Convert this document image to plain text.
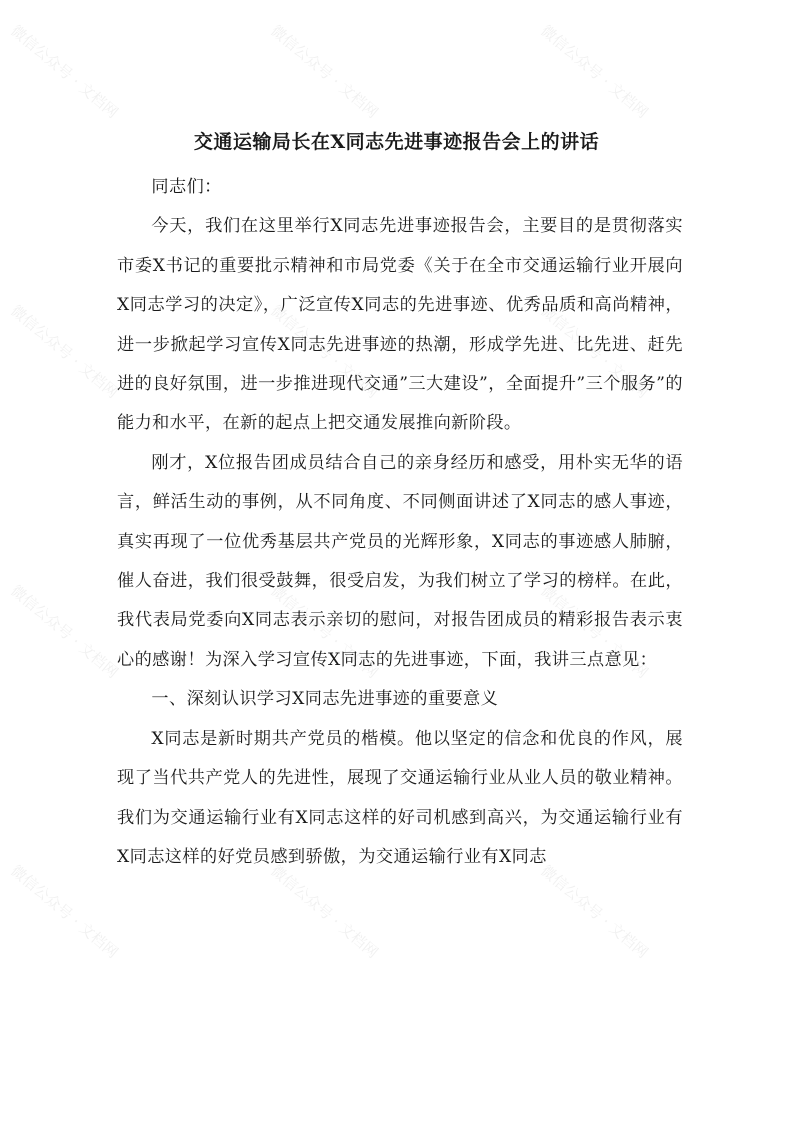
微信公众号 · 文档网	微信公众号 · 文档网	微信公众号 · 文档网
微信公众号 · 文档网	微信公众号 · 文档网	微信公众号 · 文档网
微信公众号 · 文档网	微信公众号 · 文档网	微信公众号 · 文档网
微信公众号 · 文档网	微信公众号 · 文档网	微信公众号 · 文档网
交通运输局长在X同志先进事迹报告会上的讲话

同志们：

今天，我们在这里举行X同志先进事迹报告会，主要目的是贯彻落实市委X书记的重要批示精神和市局党委《关于在全市交通运输行业开展向X同志学习的决定》，广泛宣传X同志的先进事迹、优秀品质和高尚精神，进一步掀起学习宣传X同志先进事迹的热潮，形成学先进、比先进、赶先进的良好氛围，进一步推进现代交通”三大建设”，全面提升”三个服务”的能力和水平，在新的起点上把交通发展推向新阶段。

刚才，X位报告团成员结合自己的亲身经历和感受，用朴实无华的语言，鲜活生动的事例，从不同角度、不同侧面讲述了X同志的感人事迹，真实再现了一位优秀基层共产党员的光辉形象，X同志的事迹感人肺腑，催人奋进，我们很受鼓舞，很受启发，为我们树立了学习的榜样。在此，我代表局党委向X同志表示亲切的慰问，对报告团成员的精彩报告表示衷心的感谢！为深入学习宣传X同志的先进事迹，下面，我讲三点意见：

一、深刻认识学习X同志先进事迹的重要意义

X同志是新时期共产党员的楷模。他以坚定的信念和优良的作风，展现了当代共产党人的先进性，展现了交通运输行业从业人员的敬业精神。我们为交通运输行业有X同志这样的好司机感到高兴，为交通运输行业有X同志这样的好党员感到骄傲，为交通运输行业有X同志
